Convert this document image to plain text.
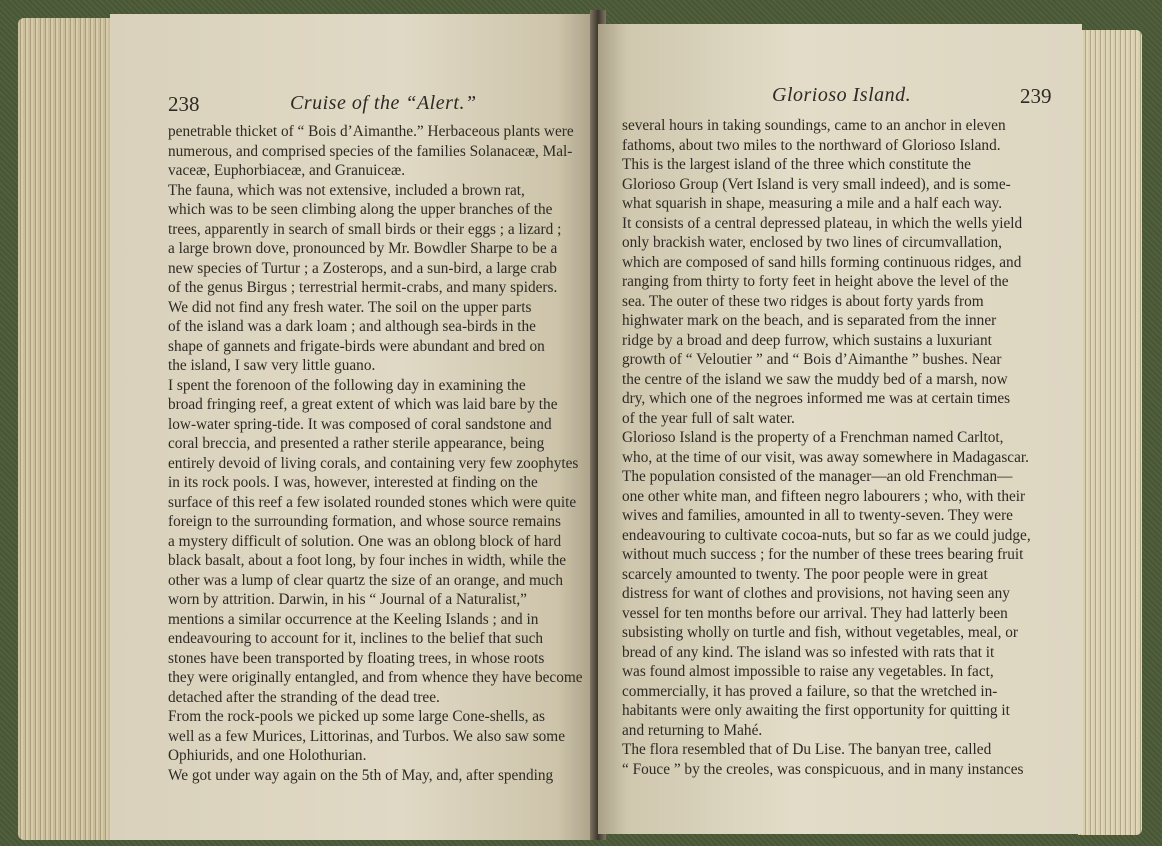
238	Cruise of the “Alert.”
penetrable thicket of “ Bois d’Aimanthe.” Herbaceous plants were
numerous, and comprised species of the families Solanaceæ, Mal-
vaceæ, Euphorbiaceæ, and Granuiceæ.
The fauna, which was not extensive, included a brown rat,
which was to be seen climbing along the upper branches of the
trees, apparently in search of small birds or their eggs ; a lizard ;
a large brown dove, pronounced by Mr. Bowdler Sharpe to be a
new species of Turtur ; a Zosterops, and a sun-bird, a large crab
of the genus Birgus ; terrestrial hermit-crabs, and many spiders.
We did not find any fresh water. The soil on the upper parts
of the island was a dark loam ; and although sea-birds in the
shape of gannets and frigate-birds were abundant and bred on
the island, I saw very little guano.
I spent the forenoon of the following day in examining the
broad fringing reef, a great extent of which was laid bare by the
low-water spring-tide. It was composed of coral sandstone and
coral breccia, and presented a rather sterile appearance, being
entirely devoid of living corals, and containing very few zoophytes
in its rock pools. I was, however, interested at finding on the
surface of this reef a few isolated rounded stones which were quite
foreign to the surrounding formation, and whose source remains
a mystery difficult of solution. One was an oblong block of hard
black basalt, about a foot long, by four inches in width, while the
other was a lump of clear quartz the size of an orange, and much
worn by attrition. Darwin, in his “ Journal of a Naturalist,”
mentions a similar occurrence at the Keeling Islands ; and in
endeavouring to account for it, inclines to the belief that such
stones have been transported by floating trees, in whose roots
they were originally entangled, and from whence they have become
detached after the stranding of the dead tree.
From the rock-pools we picked up some large Cone-shells, as
well as a few Murices, Littorinas, and Turbos. We also saw some
Ophiurids, and one Holothurian.
We got under way again on the 5th of May, and, after spending
Glorioso Island.	239
several hours in taking soundings, came to an anchor in eleven
fathoms, about two miles to the northward of Glorioso Island.
This is the largest island of the three which constitute the
Glorioso Group (Vert Island is very small indeed), and is some-
what squarish in shape, measuring a mile and a half each way.
It consists of a central depressed plateau, in which the wells yield
only brackish water, enclosed by two lines of circumvallation,
which are composed of sand hills forming continuous ridges, and
ranging from thirty to forty feet in height above the level of the
sea. The outer of these two ridges is about forty yards from
highwater mark on the beach, and is separated from the inner
ridge by a broad and deep furrow, which sustains a luxuriant
growth of “ Veloutier ” and “ Bois d’Aimanthe ” bushes. Near
the centre of the island we saw the muddy bed of a marsh, now
dry, which one of the negroes informed me was at certain times
of the year full of salt water.
Glorioso Island is the property of a Frenchman named Carltot,
who, at the time of our visit, was away somewhere in Madagascar.
The population consisted of the manager—an old Frenchman—
one other white man, and fifteen negro labourers ; who, with their
wives and families, amounted in all to twenty-seven. They were
endeavouring to cultivate cocoa-nuts, but so far as we could judge,
without much success ; for the number of these trees bearing fruit
scarcely amounted to twenty. The poor people were in great
distress for want of clothes and provisions, not having seen any
vessel for ten months before our arrival. They had latterly been
subsisting wholly on turtle and fish, without vegetables, meal, or
bread of any kind. The island was so infested with rats that it
was found almost impossible to raise any vegetables. In fact,
commercially, it has proved a failure, so that the wretched in-
habitants were only awaiting the first opportunity for quitting it
and returning to Mahé.
The flora resembled that of Du Lise. The banyan tree, called
“ Fouce ” by the creoles, was conspicuous, and in many instances
